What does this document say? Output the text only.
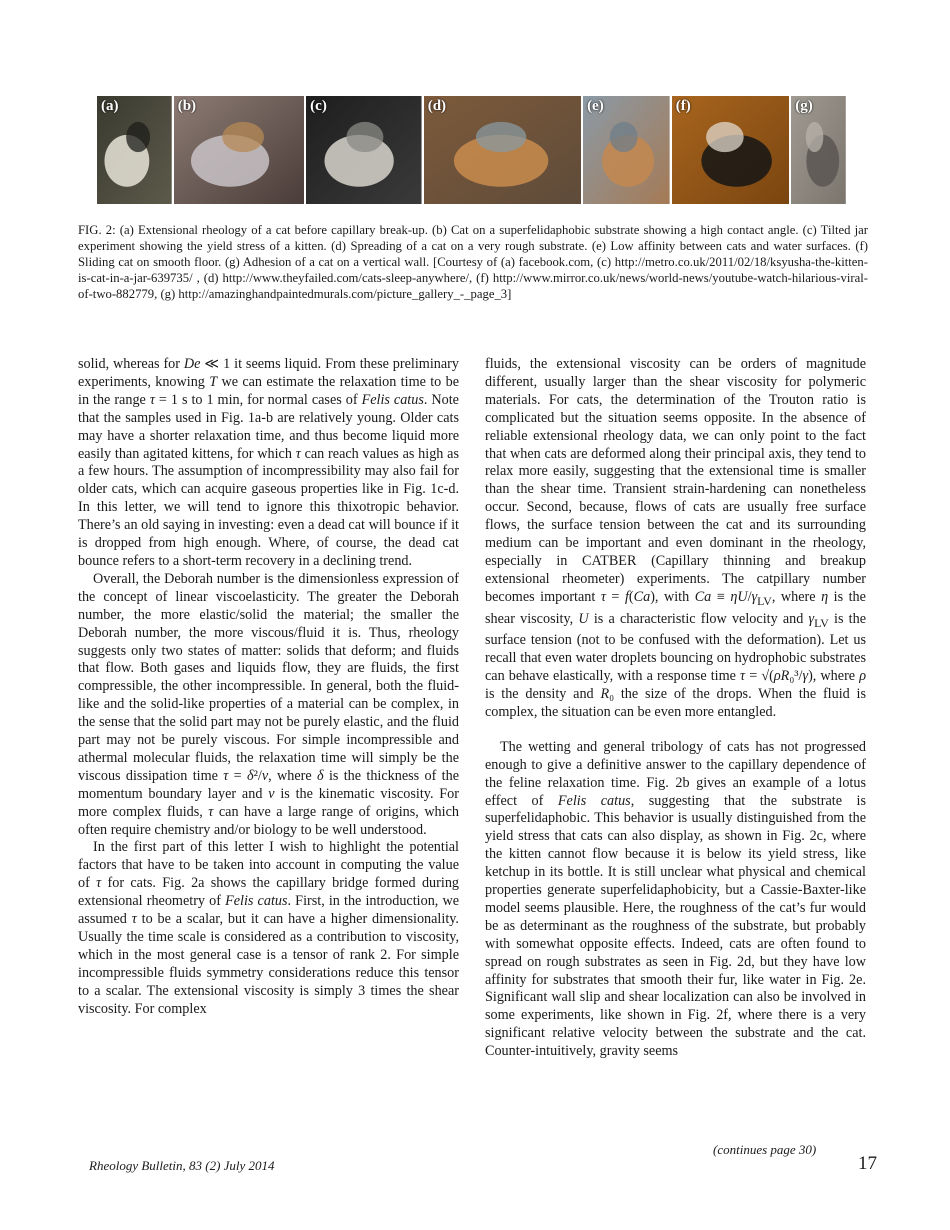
(a)	(b)	(c)	(d)	(e)	(f)	(g)
FIG. 2: (a) Extensional rheology of a cat before capillary break-up. (b) Cat on a superfelidaphobic substrate showing a high contact angle. (c) Tilted jar experiment showing the yield stress of a kitten. (d) Spreading of a cat on a very rough substrate. (e) Low affinity between cats and water surfaces. (f) Sliding cat on smooth floor. (g) Adhesion of a cat on a vertical wall. [Courtesy of (a) facebook.com, (c) http://metro.co.uk/2011/02/18/ksyusha-the-kitten-is-cat-in-a-jar-639735/ , (d) http://www.theyfailed.com/cats-sleep-anywhere/, (f) http://www.mirror.co.uk/news/world-news/youtube-watch-hilarious-viral-of-two-882779, (g) http://amazinghandpaintedmurals.com/picture_gallery_-_page_3]

solid, whereas for De ≪ 1 it seems liquid. From these preliminary experiments, knowing T we can estimate the relaxation time to be in the range τ = 1 s to 1 min, for normal cases of Felis catus. Note that the samples used in Fig. 1a-b are relatively young. Older cats may have a shorter relaxation time, and thus become liquid more easily than agitated kittens, for which τ can reach values as high as a few hours. The assumption of incompressibility may also fail for older cats, which can acquire gaseous properties like in Fig. 1c-d. In this letter, we will tend to ignore this thixotropic behavior. There’s an old saying in investing: even a dead cat will bounce if it is dropped from high enough. Where, of course, the dead cat bounce refers to a short-term recovery in a declining trend.

Overall, the Deborah number is the dimensionless expression of the concept of linear viscoelasticity. The greater the Deborah number, the more elastic/solid the material; the smaller the Deborah number, the more viscous/fluid it is. Thus, rheology suggests only two states of matter: solids that deform; and fluids that flow. Both gases and liquids flow, they are fluids, the first compressible, the other incompressible. In general, both the fluid-like and the solid-like properties of a material can be complex, in the sense that the solid part may not be purely elastic, and the fluid part may not be purely viscous. For simple incompressible and athermal molecular fluids, the relaxation time will simply be the viscous dissipation time τ = δ²/ν, where δ is the thickness of the momentum boundary layer and ν is the kinematic viscosity. For more complex fluids, τ can have a large range of origins, which often require chemistry and/or biology to be well understood.

In the first part of this letter I wish to highlight the potential factors that have to be taken into account in computing the value of τ for cats. Fig. 2a shows the capillary bridge formed during extensional rheometry of Felis catus. First, in the introduction, we assumed τ to be a scalar, but it can have a higher dimensionality. Usually the time scale is considered as a contribution to viscosity, which in the most general case is a tensor of rank 2. For simple incompressible fluids symmetry considerations reduce this tensor to a scalar. The extensional viscosity is simply 3 times the shear viscosity. For complex

fluids, the extensional viscosity can be orders of magnitude different, usually larger than the shear viscosity for polymeric materials. For cats, the determination of the Trouton ratio is complicated but the situation seems opposite. In the absence of reliable extensional rheology data, we can only point to the fact that when cats are deformed along their principal axis, they tend to relax more easily, suggesting that the extensional time is smaller than the shear time. Transient strain-hardening can nonetheless occur. Second, because, flows of cats are usually free surface flows, the surface tension between the cat and its surrounding medium can be important and even dominant in the rheology, especially in CATBER (Capillary thinning and breakup extensional rheometer) experiments. The catpillary number becomes important τ = f(Ca), with $Ca \equiv \eta U/\gamma_{LV}$, where η is the shear viscosity, U is a characteristic flow velocity and $\gamma_{LV}$ is the surface tension (not to be confused with the deformation). Let us recall that even water droplets bouncing on hydrophobic substrates can behave elastically, with a response time τ = √(ρR₀³/γ), where ρ is the density and R₀ the size of the drops. When the fluid is complex, the situation can be even more entangled.

The wetting and general tribology of cats has not progressed enough to give a definitive answer to the capillary dependence of the feline relaxation time. Fig. 2b gives an example of a lotus effect of Felis catus, suggesting that the substrate is superfelidaphobic. This behavior is usually distinguished from the yield stress that cats can also display, as shown in Fig. 2c, where the kitten cannot flow because it is below its yield stress, like ketchup in its bottle. It is still unclear what physical and chemical properties generate superfelidaphobicity, but a Cassie-Baxter-like model seems plausible. Here, the roughness of the cat’s fur would be as determinant as the roughness of the substrate, but probably with somewhat opposite effects. Indeed, cats are often found to spread on rough substrates as seen in Fig. 2d, but they have low affinity for substrates that smooth their fur, like water in Fig. 2e. Significant wall slip and shear localization can also be involved in some experiments, like shown in Fig. 2f, where there is a very significant relative velocity between the substrate and the cat. Counter-intuitively, gravity seems

(continues page 30)
Rheology Bulletin, 83 (2) July 2014	17
